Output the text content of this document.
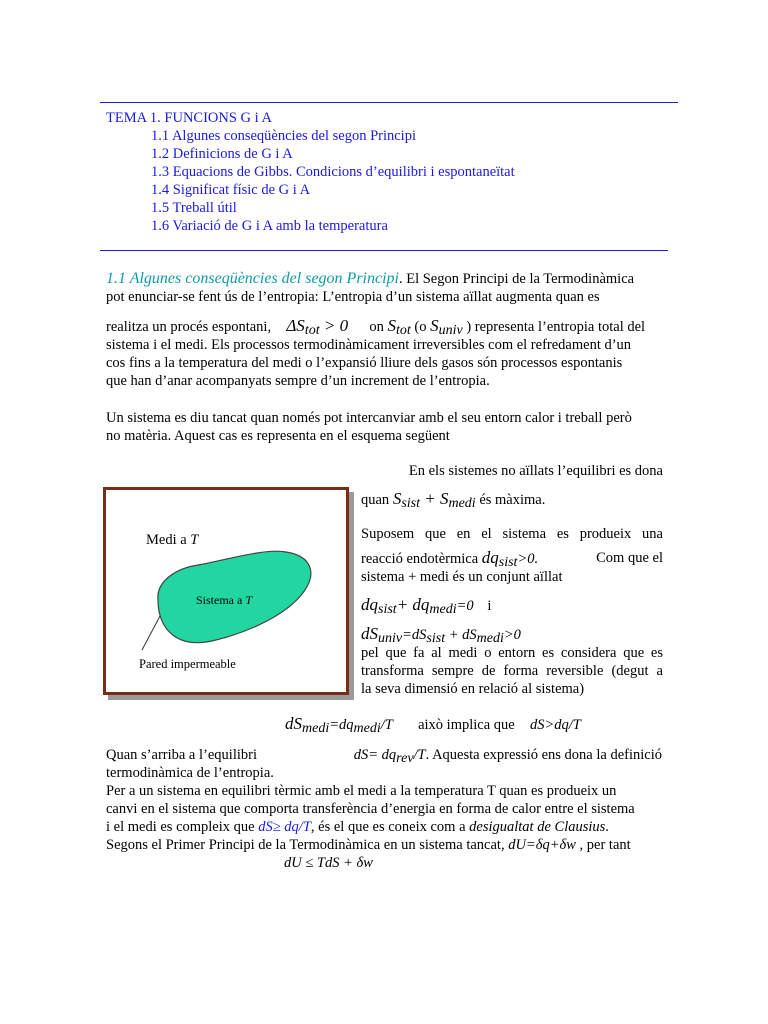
TEMA 1. FUNCIONS G i A
1.1 Algunes conseqüències del segon Principi
1.2 Definicions de G i A
1.3 Equacions de Gibbs. Condicions d’equilibri i espontaneïtat
1.4 Significat físic de G i A
1.5 Treball útil
1.6 Variació de G i A amb la temperatura
1.1 Algunes conseqüències del segon Principi. El Segon Principi de la Termodinàmica
pot enunciar-se fent ús de l’entropia: L’entropia d’un sistema aïllat augmenta quan es
realitza un procés espontani, $\Delta S_{tot} > 0$ on $S_{tot}$ (o $S_{univ}$ ) representa l’entropia total del
sistema i el medi. Els processos termodinàmicament irreversibles com el refredament d’un
cos fins a la temperatura del medi o l’expansió lliure dels gasos són processos espontanis
que han d’anar acompanyats sempre d’un increment de l’entropia.
Un sistema es diu tancat quan només pot intercanviar amb el seu entorn calor i treball però
no matèria. Aquest cas es representa en el esquema següent
Medi a T
Sistema a T
Pared impermeable
En els sistemes no aïllats l’equilibri es dona
quan $S_{sist} + S_{medi}$ és màxima.
Suposem que en el sistema es produeix una
reacció endotèrmica $dq_{sist}>0$.	Com que el
sistema + medi és un conjunt aïllat
$dq_{sist}+ dq_{medi}=0$ i
$dS_{univ}=dS_{sist} + dS_{medi}>0$
pel que fa al medi o entorn es considera que es
transforma sempre de forma reversible (degut a
la seva dimensió en relació al sistema)
$dS_{medi}=dq_{medi}/T$ això implica que dS>dq/T
Quan s’arriba a l’equilibri	$dS= dq_{rev}/T$. Aquesta expressió ens dona la definició
termodinàmica de l’entropia.
Per a un sistema en equilibri tèrmic amb el medi a la temperatura T quan es produeix un
canvi en el sistema que comporta transferència d’energia en forma de calor entre el sistema
i el medi es compleix que dS≥ dq/T, és el que es coneix com a desigualtat de Clausius.
Segons el Primer Principi de la Termodinàmica en un sistema tancat, dU=δq+δw , per tant
dU ≤ TdS + δw
